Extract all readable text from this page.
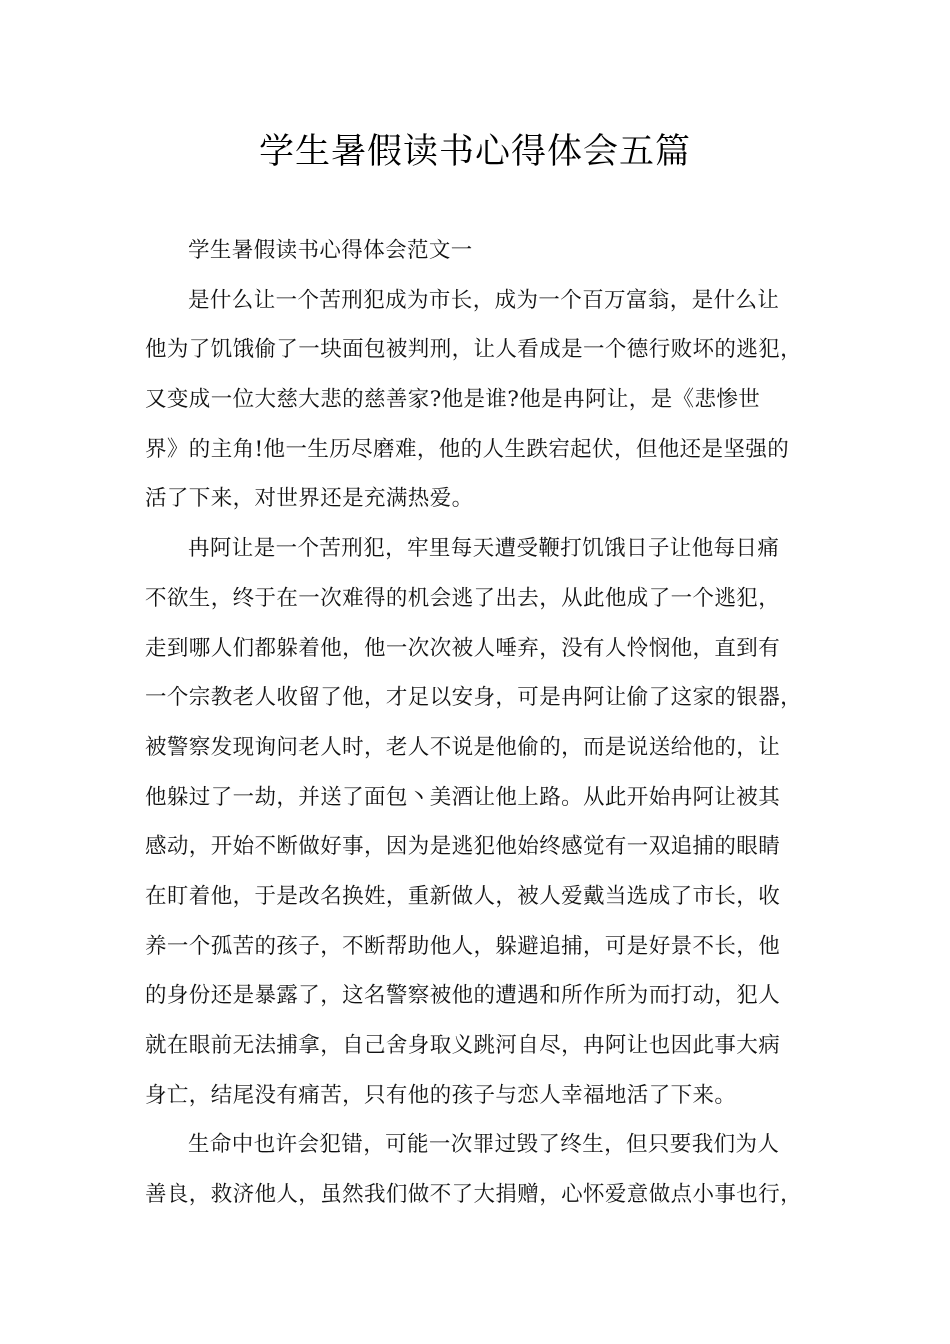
学生暑假读书心得体会五篇
学生暑假读书心得体会范文一
是什么让一个苦刑犯成为市长，成为一个百万富翁，是什么让
他为了饥饿偷了一块面包被判刑，让人看成是一个德行败坏的逃犯，
又变成一位大慈大悲的慈善家?他是谁?他是冉阿让，是《悲惨世
界》的主角!他一生历尽磨难，他的人生跌宕起伏，但他还是坚强的
活了下来，对世界还是充满热爱。
冉阿让是一个苦刑犯，牢里每天遭受鞭打饥饿日子让他每日痛
不欲生，终于在一次难得的机会逃了出去，从此他成了一个逃犯，
走到哪人们都躲着他，他一次次被人唾弃，没有人怜悯他，直到有
一个宗教老人收留了他，才足以安身，可是冉阿让偷了这家的银器，
被警察发现询问老人时，老人不说是他偷的，而是说送给他的，让
他躲过了一劫，并送了面包丶美酒让他上路。从此开始冉阿让被其
感动，开始不断做好事，因为是逃犯他始终感觉有一双追捕的眼睛
在盯着他，于是改名换姓，重新做人，被人爱戴当选成了市长，收
养一个孤苦的孩子，不断帮助他人，躲避追捕，可是好景不长，他
的身份还是暴露了，这名警察被他的遭遇和所作所为而打动，犯人
就在眼前无法捕拿，自己舍身取义跳河自尽，冉阿让也因此事大病
身亡，结尾没有痛苦，只有他的孩子与恋人幸福地活了下来。
生命中也许会犯错，可能一次罪过毁了终生，但只要我们为人
善良，救济他人，虽然我们做不了大捐赠，心怀爱意做点小事也行，
